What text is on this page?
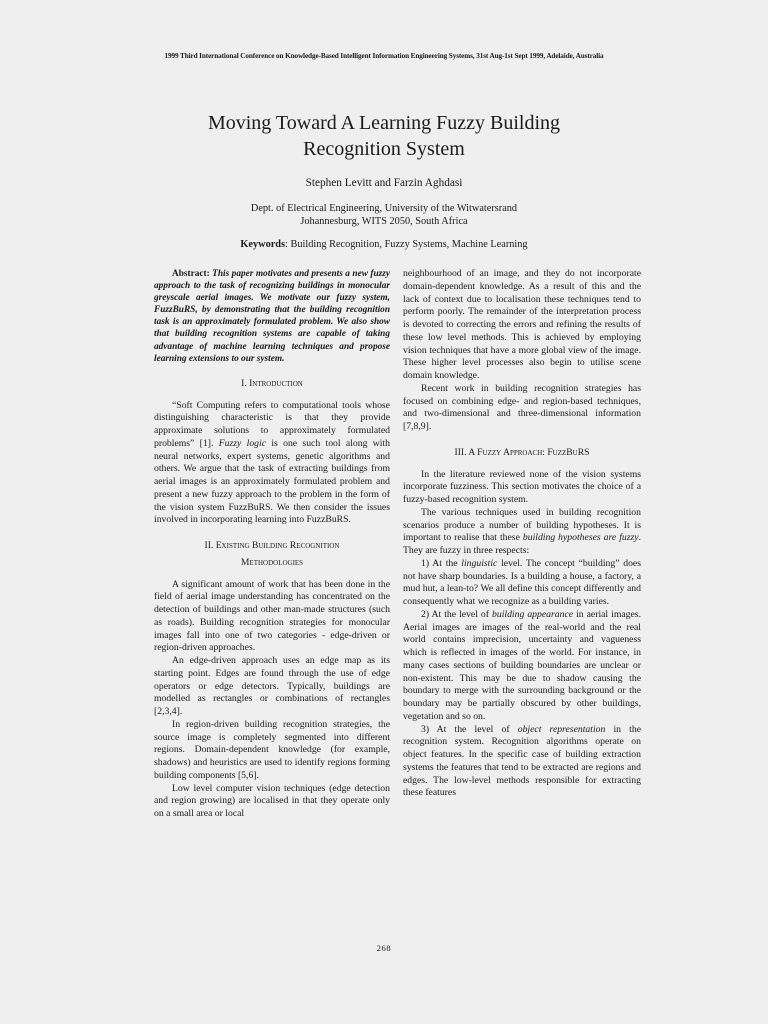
1999 Third International Conference on Knowledge-Based Intelligent Information Engineering Systems, 31st Aug-1st Sept 1999, Adelaide, Australia
Moving Toward A Learning Fuzzy Building
Recognition System
Stephen Levitt and Farzin Aghdasi
Dept. of Electrical Engineering, University of the Witwatersrand
Johannesburg, WITS 2050, South Africa
Keywords: Building Recognition, Fuzzy Systems, Machine Learning

Abstract: This paper motivates and presents a new fuzzy approach to the task of recognizing buildings in monocular greyscale aerial images. We motivate our fuzzy system, FuzzBuRS, by demonstrating that the building recognition task is an approximately formulated problem. We also show that building recognition systems are capable of taking advantage of machine learning techniques and propose learning extensions to our system.

I. Introduction

“Soft Computing refers to computational tools whose distinguishing characteristic is that they provide approximate solutions to approximately formulated problems” [1]. Fuzzy logic is one such tool along with neural networks, expert systems, genetic algorithms and others. We argue that the task of extracting buildings from aerial images is an approximately formulated problem and present a new fuzzy approach to the problem in the form of the vision system FuzzBuRS. We then consider the issues involved in incorporating learning into FuzzBuRS.

II. Existing Building Recognition
Methodologies

A significant amount of work that has been done in the field of aerial image understanding has concentrated on the detection of buildings and other man-made structures (such as roads). Building recognition strategies for monocular images fall into one of two categories - edge-driven or region-driven approaches.

An edge-driven approach uses an edge map as its starting point. Edges are found through the use of edge operators or edge detectors. Typically, buildings are modelled as rectangles or combinations of rectangles [2,3,4].

In region-driven building recognition strategies, the source image is completely segmented into different regions. Domain-dependent knowledge (for example, shadows) and heuristics are used to identify regions forming building components [5,6].

Low level computer vision techniques (edge detection and region growing) are localised in that they operate only on a small area or local

neighbourhood of an image, and they do not incorporate domain-dependent knowledge. As a result of this and the lack of context due to localisation these techniques tend to perform poorly. The remainder of the interpretation process is devoted to correcting the errors and refining the results of these low level methods. This is achieved by employing vision techniques that have a more global view of the image. These higher level processes also begin to utilise scene domain knowledge.

Recent work in building recognition strategies has focused on combining edge- and region-based techniques, and two-dimensional and three-dimensional information [7,8,9].

III. A Fuzzy Approach: FuzzBuRS

In the literature reviewed none of the vision systems incorporate fuzziness. This section motivates the choice of a fuzzy-based recognition system.

The various techniques used in building recognition scenarios produce a number of building hypotheses. It is important to realise that these building hypotheses are fuzzy. They are fuzzy in three respects:

1) At the linguistic level. The concept “building” does not have sharp boundaries. Is a building a house, a factory, a mud hut, a lean-to? We all define this concept differently and consequently what we recognize as a building varies.

2) At the level of building appearance in aerial images. Aerial images are images of the real-world and the real world contains imprecision, uncertainty and vagueness which is reflected in images of the world. For instance, in many cases sections of building boundaries are unclear or non-existent. This may be due to shadow causing the boundary to merge with the surrounding background or the boundary may be partially obscured by other buildings, vegetation and so on.

3) At the level of object representation in the recognition system. Recognition algorithms operate on object features. In the specific case of building extraction systems the features that tend to be extracted are regions and edges. The low-level methods responsible for extracting these features

268
